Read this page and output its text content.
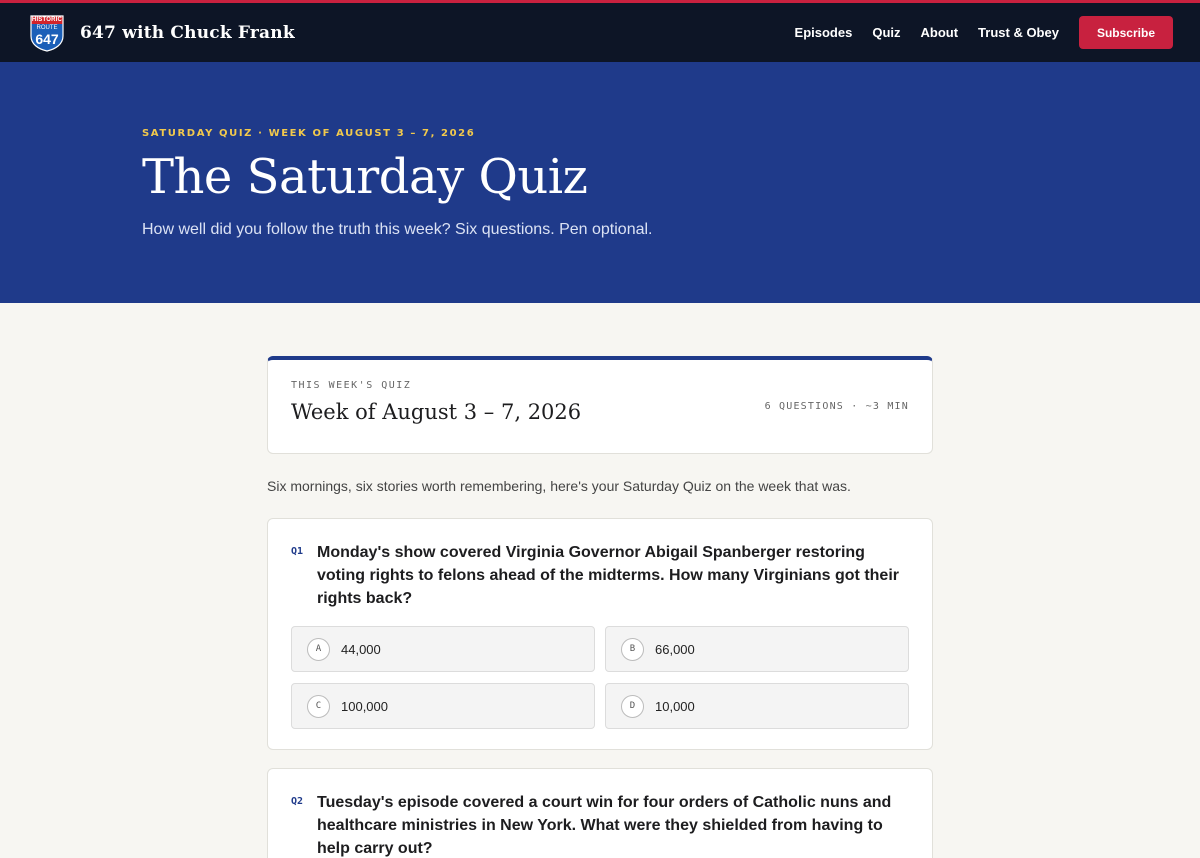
HISTORIC
ROUTE
647	647 with Chuck Frank	Episodes Quiz About Trust & Obey	Subscribe
SATURDAY QUIZ · WEEK OF AUGUST 3 – 7, 2026
The Saturday Quiz

How well did you follow the truth this week? Six questions. Pen optional.

THIS WEEK'S QUIZ
Week of August 3 – 7, 2026	6 QUESTIONS · ~3 MIN

Six mornings, six stories worth remembering, here's your Saturday Quiz on the week that was.

Q1 Monday's show covered Virginia Governor Abigail Spanberger restoring voting rights to felons ahead of the midterms. How many Virginians got their rights back?
A	44,000	B	66,000
C	100,000	D	10,000
Q2 Tuesday's episode covered a court win for four orders of Catholic nuns and healthcare ministries in New York. What were they shielded from having to help carry out?
